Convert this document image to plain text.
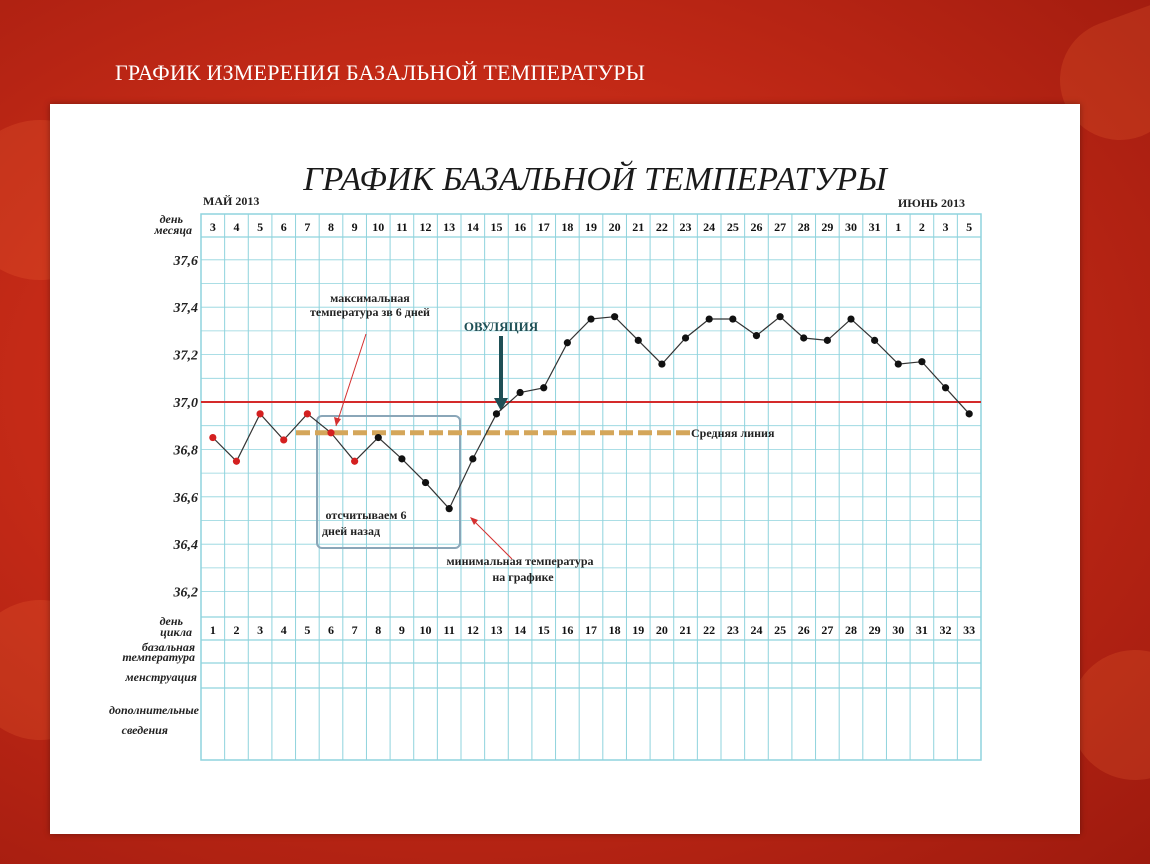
ГРАФИК ИЗМЕРЕНИЯ БАЗАЛЬНОЙ ТЕМПЕРАТУРЫ
ГРАФИК БАЗАЛЬНОЙ ТЕМПЕРАТУРЫ
МАЙ 2013	ИЮНЬ 2013
день
месяца
день
цикла
базальная
температура
менструация
дополнительные
сведения
3 4 5 6 7 8 9 10 11 12 13 14 15 16 17 18 19 20 21 22 23 24 25 26 27 28 29 30 31 1 2 3 5
1 2 3 4 5 6 7 8 9 10 11 12 13 14 15 16 17 18 19 20 21 22 23 24 25 26 27 28 29 30 31 32 33
37,6
37,4
37,2
37,0
36,8
36,6
36,4
36,2
Средняя линия
ОВУЛЯЦИЯ
максимальная
температура зв 6 дней
отсчитываем 6
дней назад
минимальная температура
на графике
